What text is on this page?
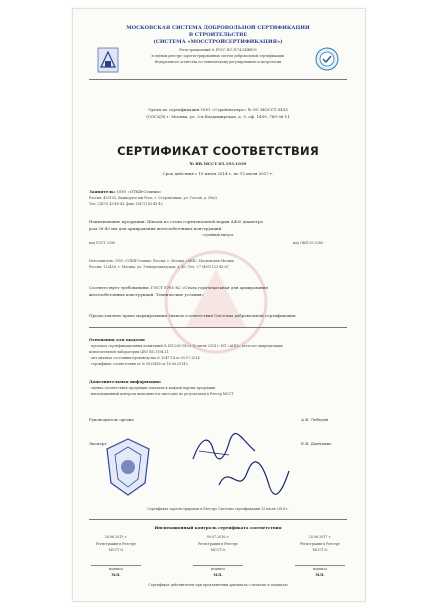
МОСКОВСКАЯ СИСТЕМА ДОБРОВОЛЬНОЙ СЕРТИФИКАЦИИ
В СТРОИТЕЛЬСТВЕ
(СИСТЕМА «МОССТРОЙСЕРТИФИКАЦИЯ»)
Регистрационный № РОСС RU.З174.04ЖЕ00
в едином реестре зарегистрированных систем добровольной сертификации
Федерального агентства по техническому регулированию и метрологии
Орган по сертификации ООО «Стройэксперт» № ОС МОССТ.0435
(СОСЦЭ) г. Москва, ул. 3-я Владимирская, д. 5, оф. 1499, 789-36-11
СЕРТИФИКАТ СООТВЕТСТВИЯ
№ ВВ.МССТ.05.193.1039
Срок действия с 15 июля 2014 г. по 15 июля 2017 г.
Заявитель: ООО «ОТКВ-Станки»
Россия, 453103, Башкортостан Респ, г. Стерлитамак, ул. Гоголя, д. 99а/2
Тел. (3473) 43-45-43, факс (3473) 43-45-43
Наименование продукции: Шпалы из стали горячекатаной марки А400 диаметра
ром 28-40 мм для армирования железобетонных конструкций
серийный выпуск
код ГОСТ 2590	код ОКП 09 5280
Изготовитель: ООО «ОТКВ-Станки» Россия, г. Москва «АИП» Московская Москва
Россия, 123456, г. Москва, ул. Электрозаводская, д. 40, Тел. +7 (495) 123-45-67
Соответствует требованиям: ГОСТ 5781-82 «Сталь горячекатаная для армирования
железобетонных конструкций. Технические условия»
Предоставлено право маркирования Знаком соответствия Системы добровольной сертификации
Основания для выдачи:
- протокол сертификационных испытаний № ИЛ/200-14 от 10 июля 2014 г. ИЛ «АИП», аттестат аккредитации
испытательной лаборатории ЦЕО RU.З194.11
- акт анализа состояния производства № 1047-14 от 05.07.2014
- сертификат соответствия от № 0023456 от 18.06.2014 г.
Дополнительная информация:
- оценка соответствия продукции показана в каждой партии продукции
- инспекционный контроль выполняется ежегодно по результатам в Реестр МССТ
Руководитель органа	А.В. Лебедев
Эксперт	Е.В. Данченко
Сертификат зарегистрирован в Реестре Системы сертификации 15 июля 2014 г.
Инспекционный контроль сертификата соответствия
28.06.2015 г.	09.07.2016 г.	25.06.2017 г.
Регистрация в Реестре	Регистрация в Реестре	Регистрация в Реестре
МССТ №	МССТ №	МССТ №
подпись	подпись	подпись
М.П.	М.П.	М.П.
Сертификат действителен при предъявлении оригинала с печатью и подписью
